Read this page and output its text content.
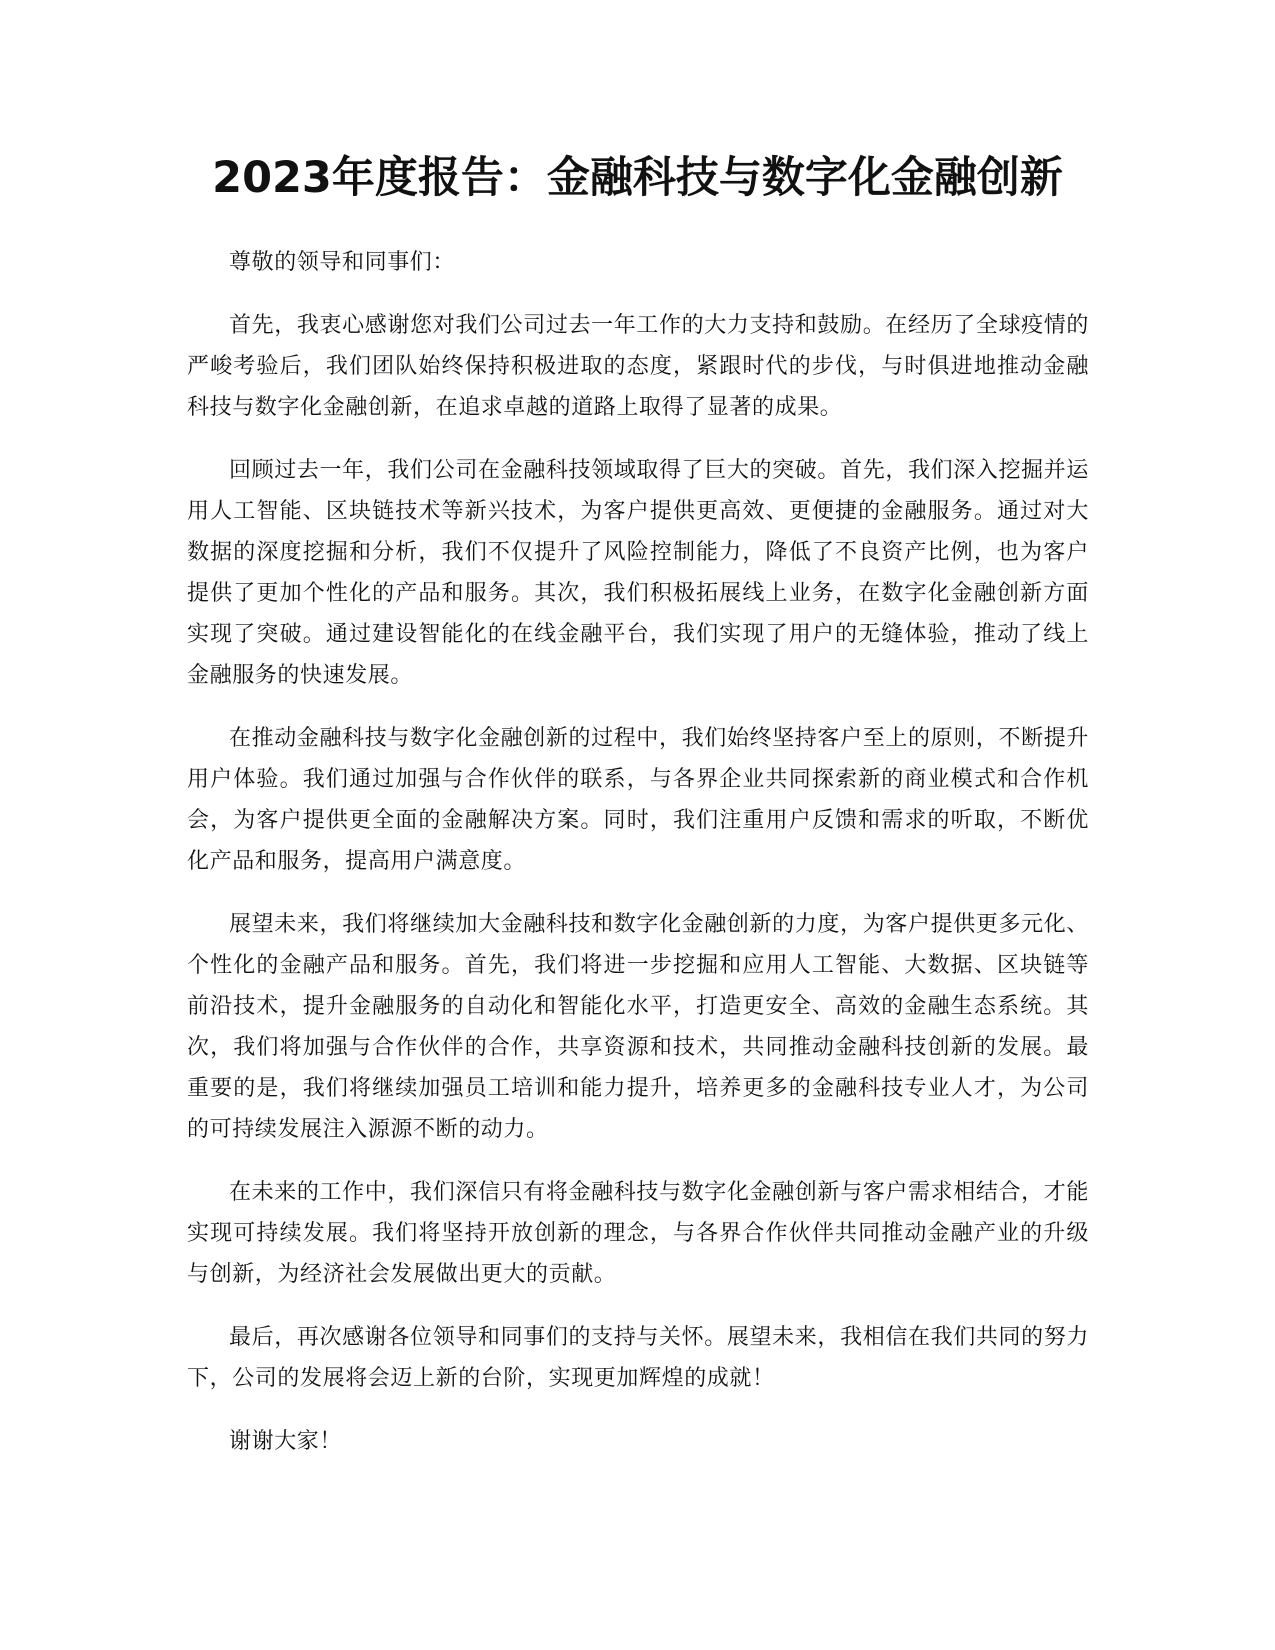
2023年度报告：金融科技与数字化金融创新

尊敬的领导和同事们：

首先，我衷心感谢您对我们公司过去一年工作的大力支持和鼓励。在经历了全球疫情的严峻考验后，我们团队始终保持积极进取的态度，紧跟时代的步伐，与时俱进地推动金融科技与数字化金融创新，在追求卓越的道路上取得了显著的成果。

回顾过去一年，我们公司在金融科技领域取得了巨大的突破。首先，我们深入挖掘并运用人工智能、区块链技术等新兴技术，为客户提供更高效、更便捷的金融服务。通过对大数据的深度挖掘和分析，我们不仅提升了风险控制能力，降低了不良资产比例，也为客户提供了更加个性化的产品和服务。其次，我们积极拓展线上业务，在数字化金融创新方面实现了突破。通过建设智能化的在线金融平台，我们实现了用户的无缝体验，推动了线上金融服务的快速发展。

在推动金融科技与数字化金融创新的过程中，我们始终坚持客户至上的原则，不断提升用户体验。我们通过加强与合作伙伴的联系，与各界企业共同探索新的商业模式和合作机会，为客户提供更全面的金融解决方案。同时，我们注重用户反馈和需求的听取，不断优化产品和服务，提高用户满意度。

展望未来，我们将继续加大金融科技和数字化金融创新的力度，为客户提供更多元化、个性化的金融产品和服务。首先，我们将进一步挖掘和应用人工智能、大数据、区块链等前沿技术，提升金融服务的自动化和智能化水平，打造更安全、高效的金融生态系统。其次，我们将加强与合作伙伴的合作，共享资源和技术，共同推动金融科技创新的发展。最重要的是，我们将继续加强员工培训和能力提升，培养更多的金融科技专业人才，为公司的可持续发展注入源源不断的动力。

在未来的工作中，我们深信只有将金融科技与数字化金融创新与客户需求相结合，才能实现可持续发展。我们将坚持开放创新的理念，与各界合作伙伴共同推动金融产业的升级与创新，为经济社会发展做出更大的贡献。

最后，再次感谢各位领导和同事们的支持与关怀。展望未来，我相信在我们共同的努力下，公司的发展将会迈上新的台阶，实现更加辉煌的成就！

谢谢大家！
